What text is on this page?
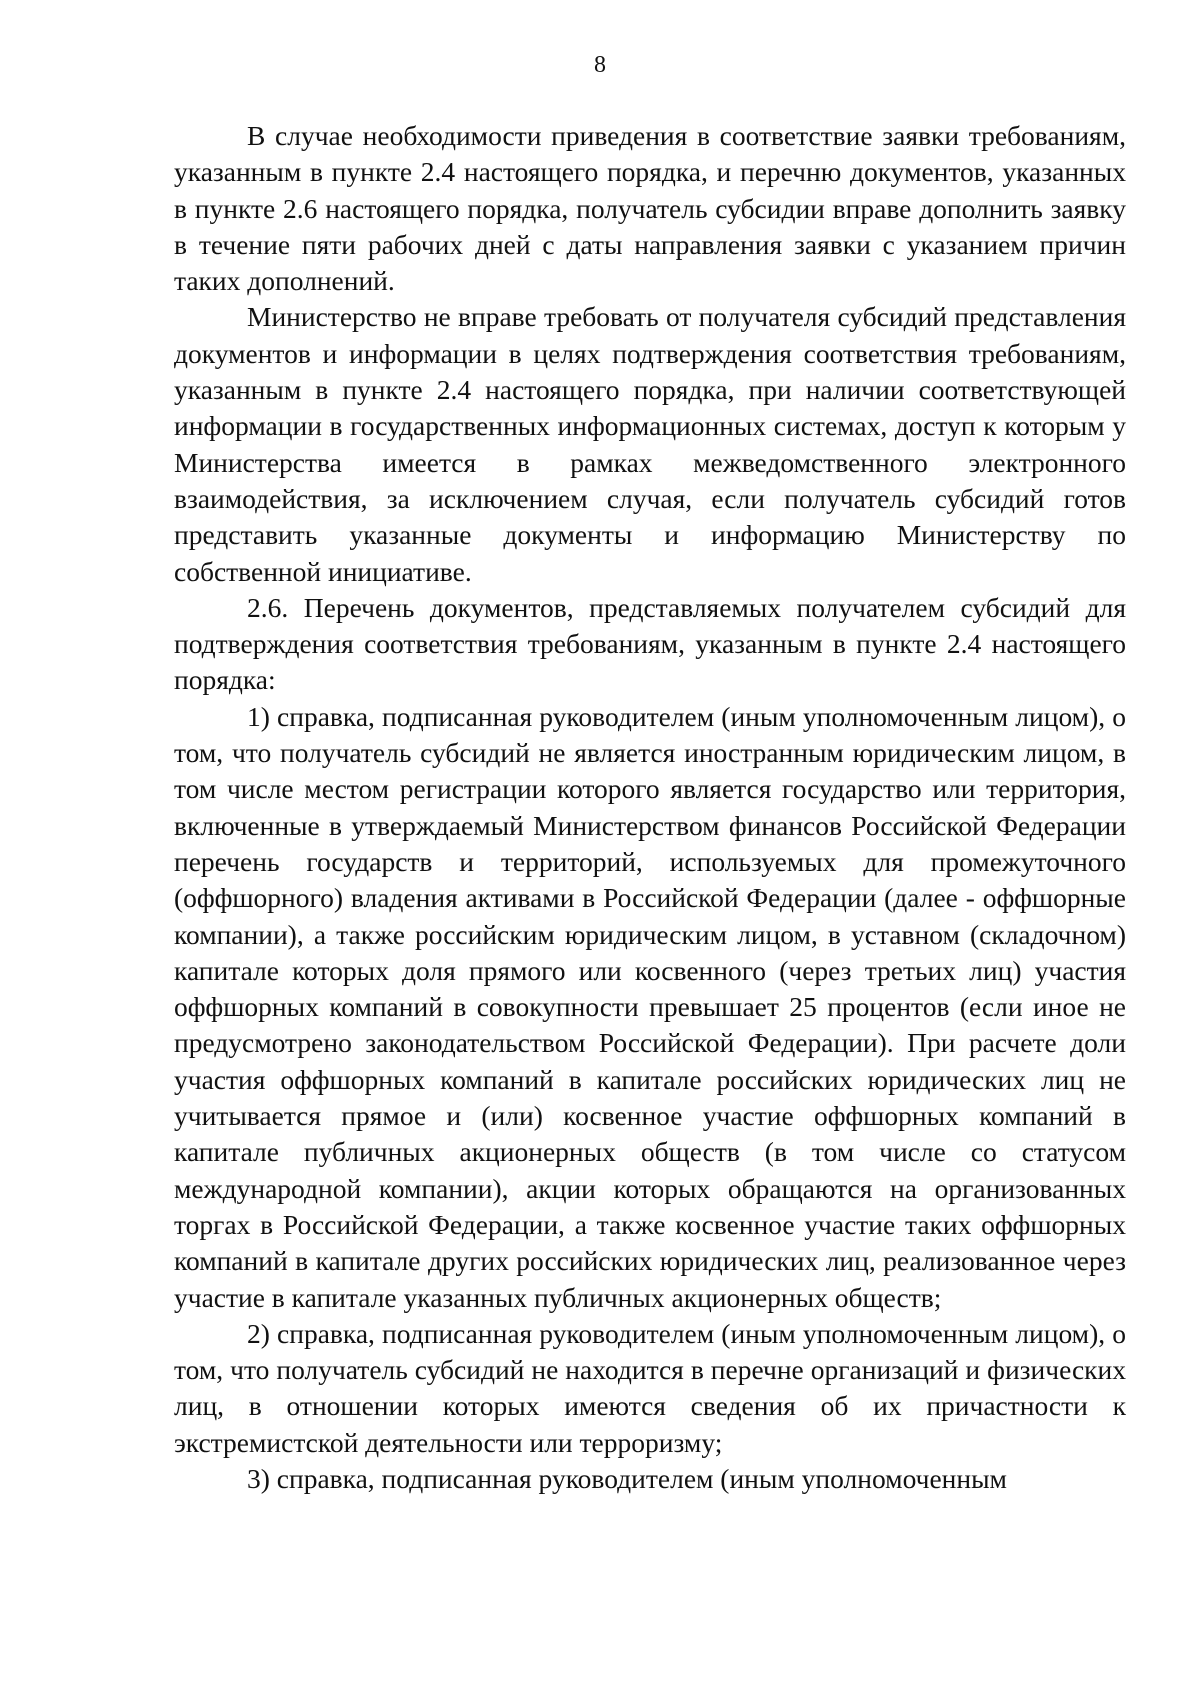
8

В случае необходимости приведения в соответствие заявки требованиям, указанным в пункте 2.4 настоящего порядка, и перечню документов, указанных в пункте 2.6 настоящего порядка, получатель субсидии вправе дополнить заявку в течение пяти рабочих дней с даты направления заявки с указанием причин таких дополнений.

Министерство не вправе требовать от получателя субсидий представления документов и информации в целях подтверждения соответствия требованиям, указанным в пункте 2.4 настоящего порядка, при наличии соответствующей информации в государственных информационных системах, доступ к которым у Министерства имеется в рамках межведомственного электронного взаимодействия, за исключением случая, если получатель субсидий готов представить указанные документы и информацию Министерству по собственной инициативе.

2.6. Перечень документов, представляемых получателем субсидий для подтверждения соответствия требованиям, указанным в пункте 2.4 настоящего порядка:

1) справка, подписанная руководителем (иным уполномоченным лицом), о том, что получатель субсидий не является иностранным юридическим лицом, в том числе местом регистрации которого является государство или территория, включенные в утверждаемый Министерством финансов Российской Федерации перечень государств и территорий, используемых для промежуточного (оффшорного) владения активами в Российской Федерации (далее - оффшорные компании), а также российским юридическим лицом, в уставном (складочном) капитале которых доля прямого или косвенного (через третьих лиц) участия оффшорных компаний в совокупности превышает 25 процентов (если иное не предусмотрено законодательством Российской Федерации). При расчете доли участия оффшорных компаний в капитале российских юридических лиц не учитывается прямое и (или) косвенное участие оффшорных компаний в капитале публичных акционерных обществ (в том числе со статусом международной компании), акции которых обращаются на организованных торгах в Российской Федерации, а также косвенное участие таких оффшорных компаний в капитале других российских юридических лиц, реализованное через участие в капитале указанных публичных акционерных обществ;

2) справка, подписанная руководителем (иным уполномоченным лицом), о том, что получатель субсидий не находится в перечне организаций и физических лиц, в отношении которых имеются сведения об их причастности к экстремистской деятельности или терроризму;

3) справка, подписанная руководителем (иным уполномоченным
